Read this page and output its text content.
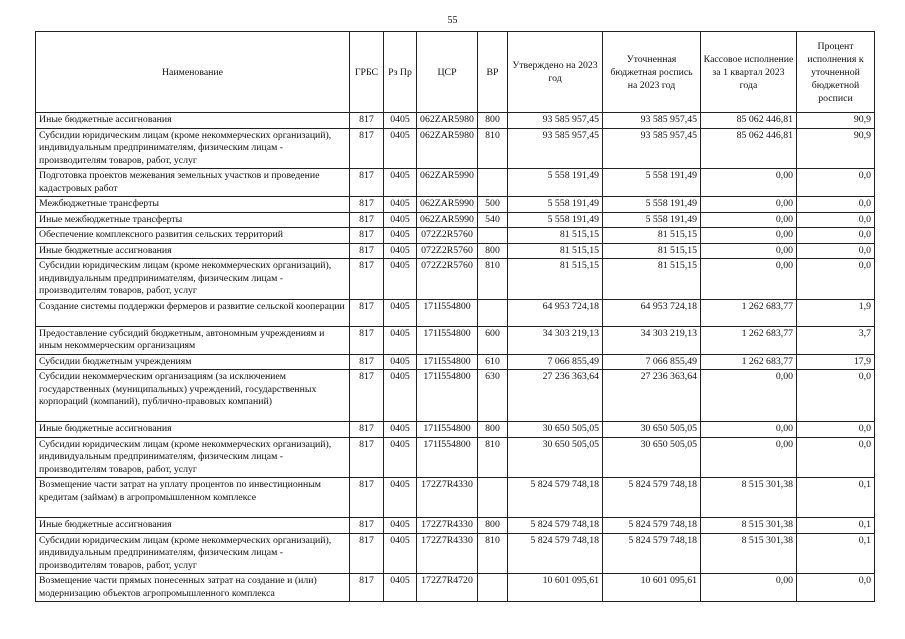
55
Наименование	ГРБС	Рз Пр	ЦСР	ВР	Утверждено на 2023 год	Уточненная бюджетная роспись на 2023 год	Кассовое исполнение за 1 квартал 2023 года	Процент исполнения к уточненной бюджетной росписи
Иные бюджетные ассигнования	817	0405	062ZAR5980	800	93 585 957,45	93 585 957,45	85 062 446,81	90,9
Субсидии юридическим лицам (кроме некоммерческих организаций), индивидуальным предпринимателям, физическим лицам - производителям товаров, работ, услуг	817	0405	062ZAR5980	810	93 585 957,45	93 585 957,45	85 062 446,81	90,9
Подготовка проектов межевания земельных участков и проведение кадастровых работ	817	0405	062ZAR5990		5 558 191,49	5 558 191,49	0,00	0,0
Межбюджетные трансферты	817	0405	062ZAR5990	500	5 558 191,49	5 558 191,49	0,00	0,0
Иные межбюджетные трансферты	817	0405	062ZAR5990	540	5 558 191,49	5 558 191,49	0,00	0,0
Обеспечение комплексного развития сельских территорий	817	0405	072Z2R5760		81 515,15	81 515,15	0,00	0,0
Иные бюджетные ассигнования	817	0405	072Z2R5760	800	81 515,15	81 515,15	0,00	0,0
Субсидии юридическим лицам (кроме некоммерческих организаций), индивидуальным предпринимателям, физическим лицам - производителям товаров, работ, услуг	817	0405	072Z2R5760	810	81 515,15	81 515,15	0,00	0,0
Создание системы поддержки фермеров и развитие сельской кооперации	817	0405	171I554800		64 953 724,18	64 953 724,18	1 262 683,77	1,9
Предоставление субсидий бюджетным, автономным учреждениям и иным некоммерческим организациям	817	0405	171I554800	600	34 303 219,13	34 303 219,13	1 262 683,77	3,7
Субсидии бюджетным учреждениям	817	0405	171I554800	610	7 066 855,49	7 066 855,49	1 262 683,77	17,9
Субсидии некоммерческим организациям (за исключением государственных (муниципальных) учреждений, государственных корпораций (компаний), публично-правовых компаний)	817	0405	171I554800	630	27 236 363,64	27 236 363,64	0,00	0,0
Иные бюджетные ассигнования	817	0405	171I554800	800	30 650 505,05	30 650 505,05	0,00	0,0
Субсидии юридическим лицам (кроме некоммерческих организаций), индивидуальным предпринимателям, физическим лицам - производителям товаров, работ, услуг	817	0405	171I554800	810	30 650 505,05	30 650 505,05	0,00	0,0
Возмещение части затрат на уплату процентов по инвестиционным кредитам (займам) в агропромышленном комплексе	817	0405	172Z7R4330		5 824 579 748,18	5 824 579 748,18	8 515 301,38	0,1
Иные бюджетные ассигнования	817	0405	172Z7R4330	800	5 824 579 748,18	5 824 579 748,18	8 515 301,38	0,1
Субсидии юридическим лицам (кроме некоммерческих организаций), индивидуальным предпринимателям, физическим лицам - производителям товаров, работ, услуг	817	0405	172Z7R4330	810	5 824 579 748,18	5 824 579 748,18	8 515 301,38	0,1
Возмещение части прямых понесенных затрат на создание и (или) модернизацию объектов агропромышленного комплекса	817	0405	172Z7R4720		10 601 095,61	10 601 095,61	0,00	0,0
